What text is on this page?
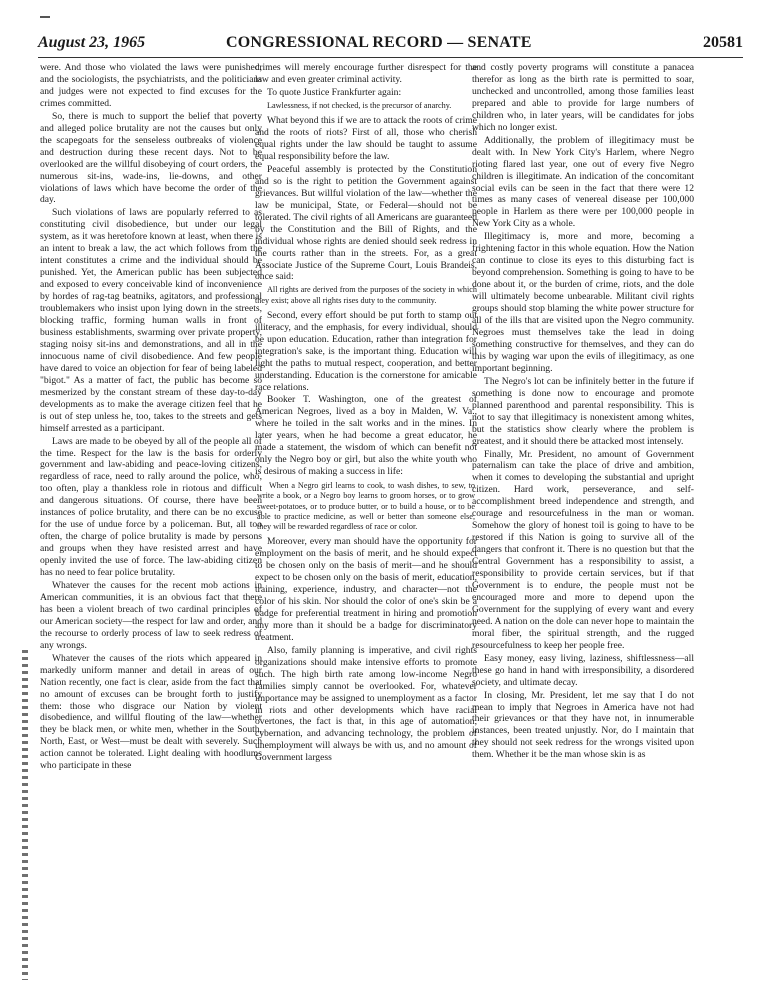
August 23, 1965	CONGRESSIONAL RECORD — SENATE	20581

were. And those who violated the laws were punished, and the sociologists, the psychiatrists, and the politicians and judges were not expected to find excuses for the crimes committed.

So, there is much to support the belief that poverty and alleged police brutality are not the causes but only the scapegoats for the senseless outbreaks of violence and destruction during these recent days. Not to be overlooked are the willful disobeying of court orders, the numerous sit-ins, wade-ins, lie-downs, and other violations of laws which have become the order of the day.

Such violations of laws are popularly referred to as constituting civil disobedience, but under our legal system, as it was heretofore known at least, when there is an intent to break a law, the act which follows from the intent constitutes a crime and the individual should be punished. Yet, the American public has been subjected and exposed to every conceivable kind of inconvenience by hordes of rag-tag beatniks, agitators, and professional troublemakers who insist upon lying down in the streets, blocking traffic, forming human walls in front of business establishments, swarming over private property, staging noisy sit-ins and demonstrations, and all in the innocuous name of civil disobedience. And few people have dared to voice an objection for fear of being labeled "bigot." As a matter of fact, the public has become so mesmerized by the constant stream of these day-to-day developments as to make the average citizen feel that he is out of step unless he, too, takes to the streets and gets himself arrested as a participant.

Laws are made to be obeyed by all of the people all of the time. Respect for the law is the basis for orderly government and law-abiding and peace-loving citizens, regardless of race, need to rally around the police, who, too often, play a thankless role in riotous and difficult and dangerous situations. Of course, there have been instances of police brutality, and there can be no excuse for the use of undue force by a policeman. But, all too often, the charge of police brutality is made by persons and groups when they have resisted arrest and have openly invited the use of force. The law-abiding citizen has no need to fear police brutality.

Whatever the causes for the recent mob actions in American communities, it is an obvious fact that there has been a violent breach of two cardinal principles of our American society—the respect for law and order, and the recourse to orderly process of law to seek redress of any wrongs.

Whatever the causes of the riots which appeared in markedly uniform manner and detail in areas of our Nation recently, one fact is clear, aside from the fact that no amount of excuses can be brought forth to justify them: those who disgrace our Nation by violent disobedience, and willful flouting of the law—whether they be black men, or white men, whether in the South, North, East, or West—must be dealt with severely. Such action cannot be tolerated. Light dealing with hoodlums who participate in these

crimes will merely encourage further disrespect for the law and even greater criminal activity.

To quote Justice Frankfurter again:

Lawlessness, if not checked, is the precursor of anarchy.

What beyond this if we are to attack the roots of crime and the roots of riots? First of all, those who cherish equal rights under the law should be taught to assume equal responsibility before the law.

Peaceful assembly is protected by the Constitution and so is the right to petition the Government against grievances. But willful violation of the law—whether the law be municipal, State, or Federal—should not be tolerated. The civil rights of all Americans are guaranteed by the Constitution and the Bill of Rights, and the individual whose rights are denied should seek redress in the courts rather than in the streets. For, as a great Associate Justice of the Supreme Court, Louis Brandeis, once said:

All rights are derived from the purposes of the society in which they exist; above all rights rises duty to the community.

Second, every effort should be put forth to stamp out illiteracy, and the emphasis, for every individual, should be upon education. Education, rather than integration for integration's sake, is the important thing. Education will light the paths to mutual respect, cooperation, and better understanding. Education is the cornerstone for amicable race relations.

Booker T. Washington, one of the greatest of American Negroes, lived as a boy in Malden, W. Va., where he toiled in the salt works and in the mines. In later years, when he had become a great educator, he made a statement, the wisdom of which can benefit not only the Negro boy or girl, but also the white youth who is desirous of making a success in life:

When a Negro girl learns to cook, to wash dishes, to sew, to write a book, or a Negro boy learns to groom horses, or to grow sweet-potatoes, or to produce butter, or to build a house, or to be able to practice medicine, as well or better than someone else, they will be rewarded regardless of race or color.

Moreover, every man should have the opportunity for employment on the basis of merit, and he should expect to be chosen only on the basis of merit—and he should expect to be chosen only on the basis of merit, education, training, experience, industry, and character—not the color of his skin. Nor should the color of one's skin be a badge for preferential treatment in hiring and promotion any more than it should be a badge for discriminatory treatment.

Also, family planning is imperative, and civil rights organizations should make intensive efforts to promote such. The high birth rate among low-income Negro families simply cannot be overlooked. For, whatever importance may be assigned to unemployment as a factor in riots and other developments which have racial overtones, the fact is that, in this age of automation, cybernation, and advancing technology, the problem of unemployment will always be with us, and no amount of Government largess

and costly poverty programs will constitute a panacea therefor as long as the birth rate is permitted to soar, unchecked and uncontrolled, among those families least prepared and able to provide for large numbers of children who, in later years, will be candidates for jobs which no longer exist.

Additionally, the problem of illegitimacy must be dealt with. In New York City's Harlem, where Negro rioting flared last year, one out of every five Negro children is illegitimate. An indication of the concomitant social evils can be seen in the fact that there were 12 times as many cases of venereal disease per 100,000 people in Harlem as there were per 100,000 people in New York City as a whole.

Illegitimacy is, more and more, becoming a frightening factor in this whole equation. How the Nation can continue to close its eyes to this disturbing fact is beyond comprehension. Something is going to have to be done about it, or the burden of crime, riots, and the dole will ultimately become unbearable. Militant civil rights groups should stop blaming the white power structure for all of the ills that are visited upon the Negro community. Negroes must themselves take the lead in doing something constructive for themselves, and they can do this by waging war upon the evils of illegitimacy, as one important beginning.

The Negro's lot can be infinitely better in the future if something is done now to encourage and promote planned parenthood and parental responsibility. This is not to say that illegitimacy is nonexistent among whites, but the statistics show clearly where the problem is greatest, and it should there be attacked most intensely.

Finally, Mr. President, no amount of Government paternalism can take the place of drive and ambition, when it comes to developing the substantial and upright citizen. Hard work, perseverance, and self-accomplishment breed independence and strength, and courage and resourcefulness in the man or woman. Somehow the glory of honest toil is going to have to be restored if this Nation is going to survive all of the dangers that confront it. There is no question but that the Central Government has a responsibility to assist, a responsibility to provide certain services, but if that Government is to endure, the people must not be encouraged more and more to depend upon the Government for the supplying of every want and every need. A nation on the dole can never hope to maintain the moral fiber, the spiritual strength, and the rugged resourcefulness to keep her people free.

Easy money, easy living, laziness, shiftlessness—all these go hand in hand with irresponsibility, a disordered society, and ultimate decay.

In closing, Mr. President, let me say that I do not mean to imply that Negroes in America have not had their grievances or that they have not, in innumerable instances, been treated unjustly. Nor, do I maintain that they should not seek redress for the wrongs visited upon them. Whether it be the man whose skin is as
